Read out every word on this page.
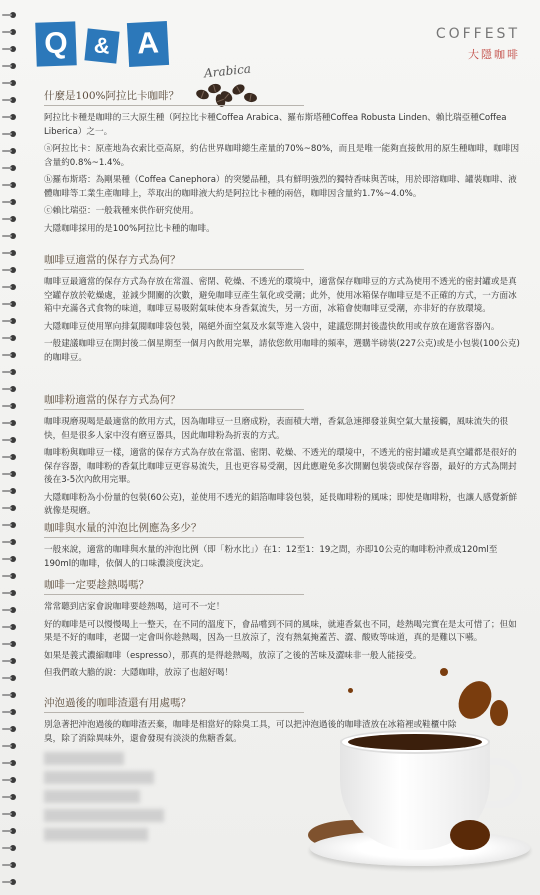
Q	& A	COFFEST
大隱咖啡
Arabica
什麼是100%阿拉比卡咖啡？

阿拉比卡種是咖啡的三大原生種（阿拉比卡種Coffea Arabica、羅布斯塔種Coffea Robusta Linden、賴比瑞亞種Coffea Liberica）之一。

ⓐ阿拉比卡：原產地為衣索比亞高原，約佔世界咖啡總生產量的70%~80%，而且是唯一能夠直接飲用的原生種咖啡，咖啡因含量約0.8%~1.4%。

ⓑ羅布斯塔：為剛果種（Coffea Canephora）的突變品種，具有鮮明強烈的獨特香味與苦味，用於即溶咖啡、罐裝咖啡、液體咖啡等工業生產咖啡上，萃取出的咖啡液大約是阿拉比卡種的兩倍，咖啡因含量約1.7%~4.0%。

ⓒ賴比瑞亞：一般栽種來供作研究使用。

大隱咖啡採用的是100%阿拉比卡種的咖啡。

咖啡豆適當的保存方式為何？

咖啡豆最適當的保存方式為存放在常溫、密閉、乾燥、不透光的環境中，適當保存咖啡豆的方式為使用不透光的密封罐或是真空罐存放於乾燥處，並減少開關的次數，避免咖啡豆產生氧化或受潮；此外，使用冰箱保存咖啡豆是不正確的方式，一方面冰箱中充滿各式食物的味道，咖啡豆易吸附氣味使本身香氣流失，另一方面，冰箱會使咖啡豆受潮，亦非好的存放環境。

大隱咖啡豆使用單向排氣閥咖啡袋包裝，隔絕外面空氣及水氣等進入袋中，建議您開封後盡快飲用或存放在適當容器內。

一般建議咖啡豆在開封後二個星期至一個月內飲用完畢，請依您飲用咖啡的頻率，選購半磅裝(227公克)或是小包裝(100公克)的咖啡豆。

咖啡粉適當的保存方式為何？

咖啡現磨現喝是最適當的飲用方式，因為咖啡豆一旦磨成粉，表面積大增，香氣急速揮發並與空氣大量接觸，風味流失的很快，但是很多人家中沒有磨豆器具，因此咖啡粉為折衷的方式。

咖啡粉與咖啡豆一樣，適當的保存方式為存放在常溫、密閉、乾燥、不透光的環境中，不透光的密封罐或是真空罐都是很好的保存容器，咖啡粉的香氣比咖啡豆更容易流失，且也更容易受潮，因此應避免多次開關包裝袋或保存容器，最好的方式為開封後在3-5次內飲用完畢。

大隱咖啡粉為小份量的包裝(60公克)，並使用不透光的鋁箔咖啡袋包裝，延長咖啡粉的風味；即使是咖啡粉，也讓人感覺新鮮就像是現磨。

咖啡與水量的沖泡比例應為多少？

一般來說，適當的咖啡與水量的沖泡比例（即「粉水比」）在1：12至1：19之間，亦即10公克的咖啡粉沖煮成120ml至190ml的咖啡，依個人的口味濃淡度決定。

咖啡一定要趁熱喝嗎？

常常聽到店家會說咖啡要趁熱喝，這可不一定！

好的咖啡是可以慢慢喝上一整天，在不同的溫度下，會品嚐到不同的風味，就連香氣也不同，趁熱喝完實在是太可惜了；但如果是不好的咖啡，老闆一定會叫你趁熱喝，因為一旦放涼了，沒有熱氣掩蓋苦、澀、酸败等味道，真的是難以下嚥。

如果是義式濃縮咖啡（espresso），那真的是得趁熱喝，放涼了之後的苦味及澀味非一般人能接受。

但我們敢大膽的說：大隱咖啡，放涼了也超好喝！

沖泡過後的咖啡渣還有用處嗎？

別急著把沖泡過後的咖啡渣丟棄，咖啡是相當好的除臭工具，可以把沖泡過後的咖啡渣放在冰箱裡或鞋櫃中除臭，除了消除異味外，還會發現有淡淡的焦糖香氣。
